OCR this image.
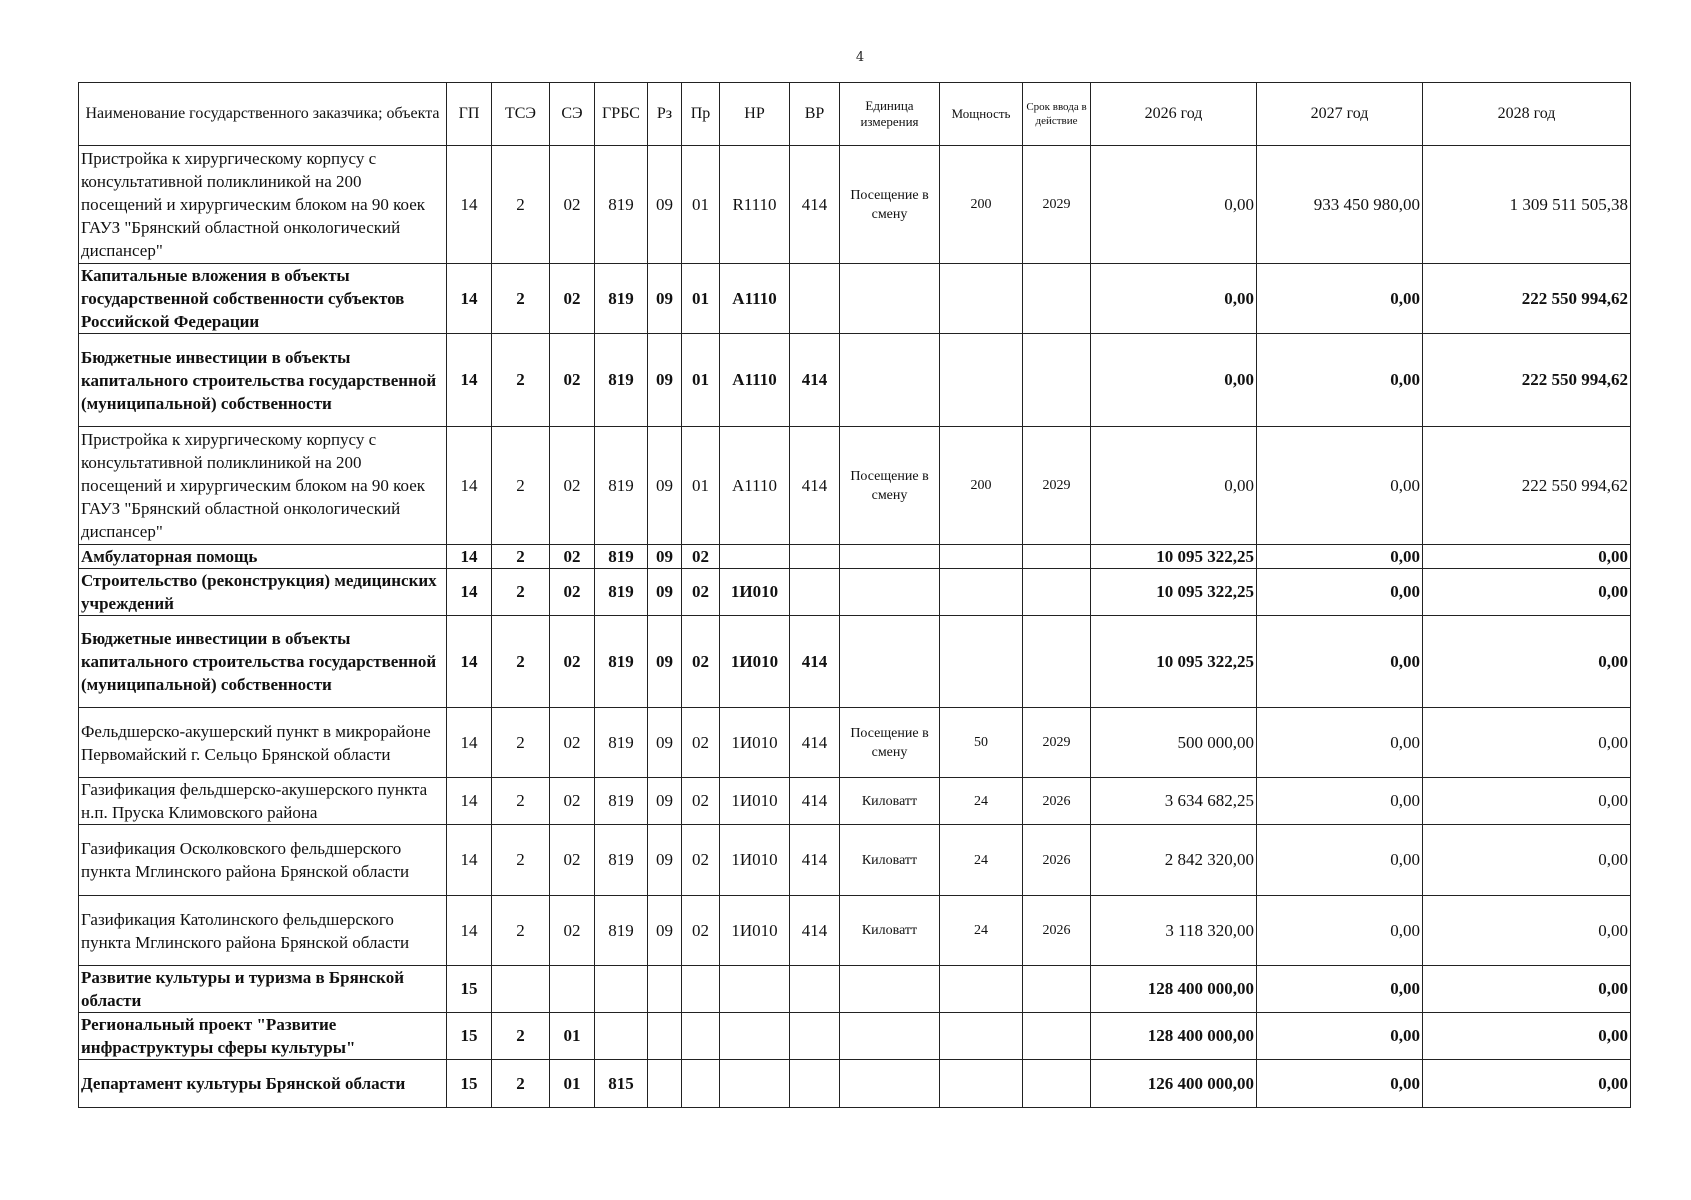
4
Наименование государственного заказчика; объекта	ГП	ТСЭ	СЭ	ГРБС	Рз	Пр	НР	ВР	Единица измерения	Мощность	Срок ввода в действие	2026 год	2027 год	2028 год
Пристройка к хирургическому корпусу с консультативной поликлиникой на 200 посещений и хирургическим блоком на 90 коек ГАУЗ "Брянский областной онкологический диспансер"	14	2	02	819	09	01	R1110	414	Посещение в смену	200	2029	0,00	933 450 980,00	1 309 511 505,38
Капитальные вложения в объекты государственной собственности субъектов Российской Федерации	14	2	02	819	09	01	A1110					0,00	0,00	222 550 994,62
Бюджетные инвестиции в объекты капитального строительства государственной (муниципальной) собственности	14	2	02	819	09	01	A1110	414				0,00	0,00	222 550 994,62
Пристройка к хирургическому корпусу с консультативной поликлиникой на 200 посещений и хирургическим блоком на 90 коек ГАУЗ "Брянский областной онкологический диспансер"	14	2	02	819	09	01	A1110	414	Посещение в смену	200	2029	0,00	0,00	222 550 994,62
Амбулаторная помощь	14	2	02	819	09	02						10 095 322,25	0,00	0,00
Строительство (реконструкция) медицинских учреждений	14	2	02	819	09	02	1И010					10 095 322,25	0,00	0,00
Бюджетные инвестиции в объекты капитального строительства государственной (муниципальной) собственности	14	2	02	819	09	02	1И010	414				10 095 322,25	0,00	0,00
Фельдшерско-акушерский пункт в микрорайоне Первомайский г. Сельцо Брянской области	14	2	02	819	09	02	1И010	414	Посещение в смену	50	2029	500 000,00	0,00	0,00
Газификация фельдшерско-акушерского пункта н.п. Пруска Климовского района	14	2	02	819	09	02	1И010	414	Киловатт	24	2026	3 634 682,25	0,00	0,00
Газификация Осколковского фельдшерского пункта Мглинского района Брянской области	14	2	02	819	09	02	1И010	414	Киловатт	24	2026	2 842 320,00	0,00	0,00
Газификация Католинского фельдшерского пункта Мглинского района Брянской области	14	2	02	819	09	02	1И010	414	Киловатт	24	2026	3 118 320,00	0,00	0,00
Развитие культуры и туризма в Брянской области	15											128 400 000,00	0,00	0,00
Региональный проект "Развитие инфраструктуры сферы культуры"	15	2	01									128 400 000,00	0,00	0,00
Департамент культуры Брянской области	15	2	01	815								126 400 000,00	0,00	0,00
